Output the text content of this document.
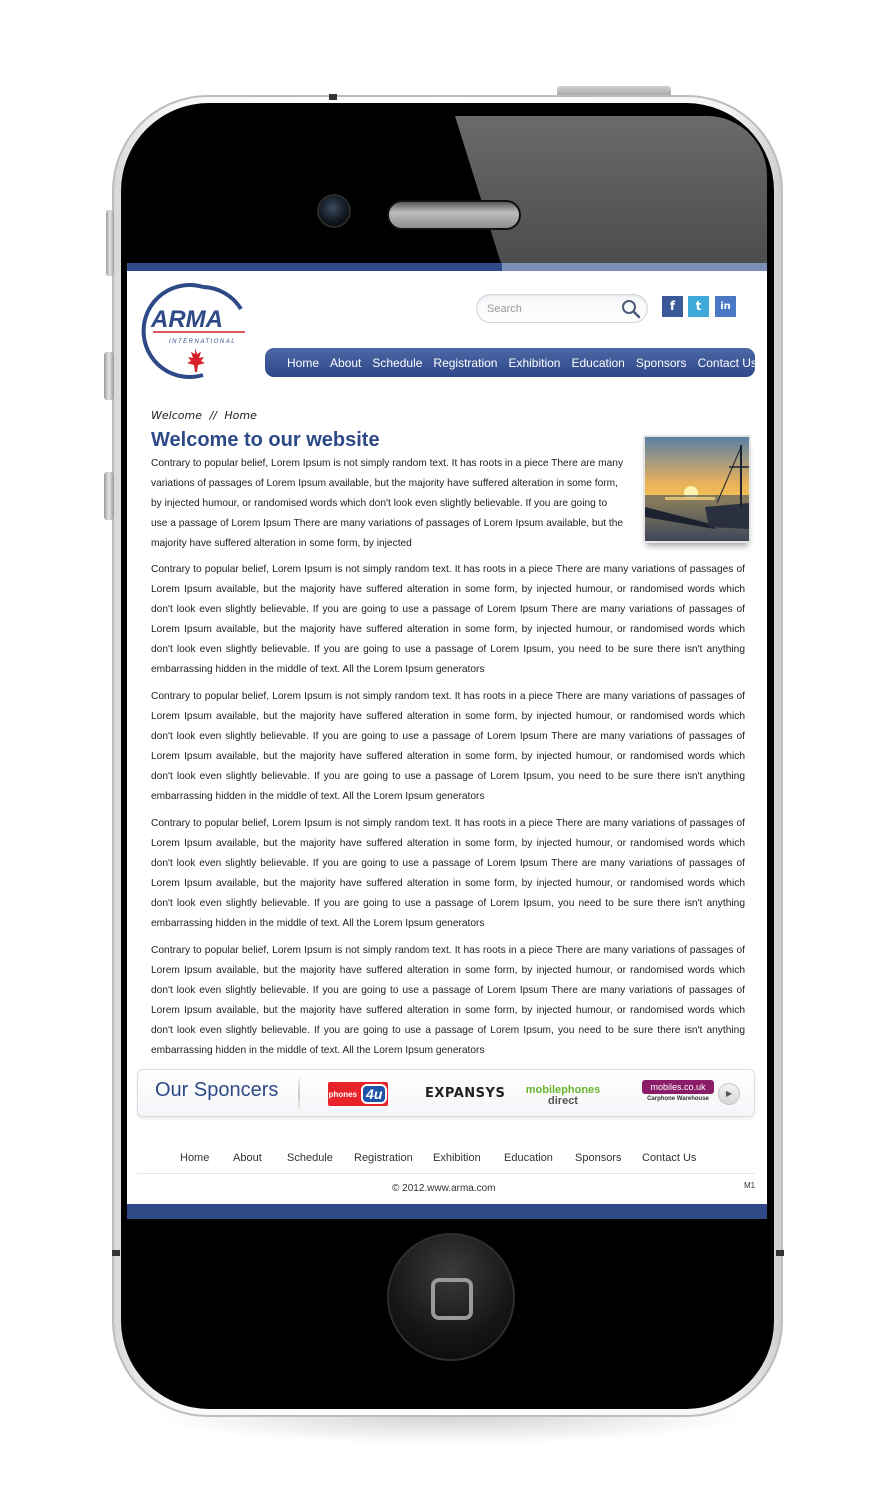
ARMA
INTERNATIONAL
Search
f	t	in
Home About Schedule Registration Exhibition Education Sponsors Contact Us
Welcome // Home
Welcome to our website

Contrary to popular belief, Lorem Ipsum is not simply random text. It has roots in a piece There are many variations of passages of Lorem Ipsum available, but the majority have suffered alteration in some form, by injected humour, or randomised words which don't look even slightly believable. If you are going to use a passage of Lorem Ipsum There are many variations of passages of Lorem Ipsum available, but the majority have suffered alteration in some form, by injected

Contrary to popular belief, Lorem Ipsum is not simply random text. It has roots in a piece There are many variations of passages of Lorem Ipsum available, but the majority have suffered alteration in some form, by injected humour, or randomised words which don't look even slightly believable. If you are going to use a passage of Lorem Ipsum There are many variations of passages of Lorem Ipsum available, but the majority have suffered alteration in some form, by injected humour, or randomised words which don't look even slightly believable. If you are going to use a passage of Lorem Ipsum, you need to be sure there isn't anything embarrassing hidden in the middle of text. All the Lorem Ipsum generators

Contrary to popular belief, Lorem Ipsum is not simply random text. It has roots in a piece There are many variations of passages of Lorem Ipsum available, but the majority have suffered alteration in some form, by injected humour, or randomised words which don't look even slightly believable. If you are going to use a passage of Lorem Ipsum There are many variations of passages of Lorem Ipsum available, but the majority have suffered alteration in some form, by injected humour, or randomised words which don't look even slightly believable. If you are going to use a passage of Lorem Ipsum, you need to be sure there isn't anything embarrassing hidden in the middle of text. All the Lorem Ipsum generators

Contrary to popular belief, Lorem Ipsum is not simply random text. It has roots in a piece There are many variations of passages of Lorem Ipsum available, but the majority have suffered alteration in some form, by injected humour, or randomised words which don't look even slightly believable. If you are going to use a passage of Lorem Ipsum There are many variations of passages of Lorem Ipsum available, but the majority have suffered alteration in some form, by injected humour, or randomised words which don't look even slightly believable. If you are going to use a passage of Lorem Ipsum, you need to be sure there isn't anything embarrassing hidden in the middle of text. All the Lorem Ipsum generators

Contrary to popular belief, Lorem Ipsum is not simply random text. It has roots in a piece There are many variations of passages of Lorem Ipsum available, but the majority have suffered alteration in some form, by injected humour, or randomised words which don't look even slightly believable. If you are going to use a passage of Lorem Ipsum There are many variations of passages of Lorem Ipsum available, but the majority have suffered alteration in some form, by injected humour, or randomised words which don't look even slightly believable. If you are going to use a passage of Lorem Ipsum, you need to be sure there isn't anything embarrassing hidden in the middle of text. All the Lorem Ipsum generators

Our Sponcers	phones 4u	EXPANSYS mobilephones
direct
mobiles.co.uk
Carphone Warehouse
▶
Home About Schedule Registration Exhibition Education Sponsors Contact Us
© 2012.www.arma.com	M1
